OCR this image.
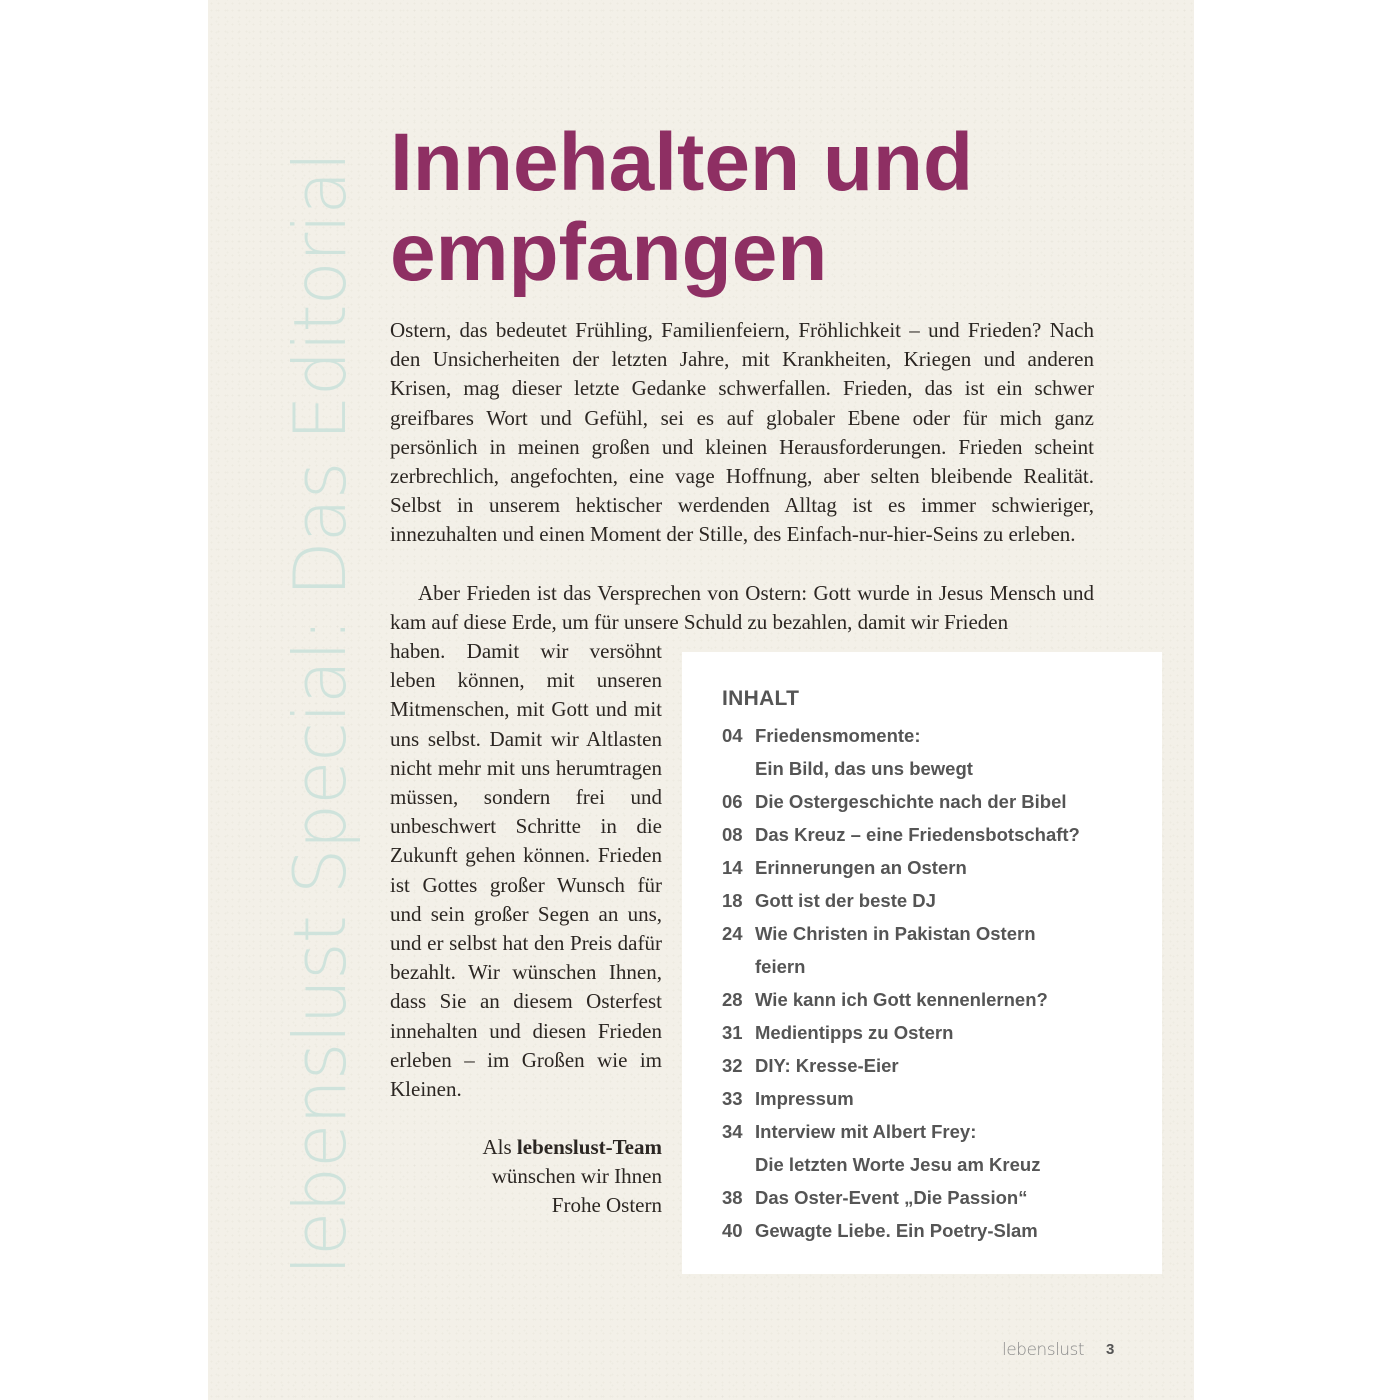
lebenslust Special: Das Editorial Innehalten und empfangen

Ostern, das bedeutet Frühling, Familienfeiern, Fröhlichkeit – und Frieden? Nach den Unsicherheiten der letzten Jahre, mit Krankheiten, Kriegen und anderen Krisen, mag dieser letzte Gedanke schwerfallen. Frieden, das ist ein schwer greifbares Wort und Gefühl, sei es auf globaler Ebene oder für mich ganz persönlich in meinen großen und kleinen Herausforderungen. Frieden scheint zerbrechlich, angefochten, eine vage Hoffnung, aber selten bleibende Realität. Selbst in unserem hektischer werdenden Alltag ist es immer schwieriger, innezuhalten und einen Moment der Stille, des Einfach-nur-hier-Seins zu erleben.

Aber Frieden ist das Versprechen von Ostern: Gott wurde in Jesus Mensch und kam auf diese Erde, um für unsere Schuld zu bezahlen, damit wir Frieden

haben. Damit wir versöhnt leben können, mit unseren Mitmenschen, mit Gott und mit uns selbst. Damit wir Altlasten nicht mehr mit uns herumtragen müssen, sondern frei und unbeschwert Schritte in die Zukunft gehen können. Frieden ist Gottes großer Wunsch für und sein großer Segen an uns, und er selbst hat den Preis dafür bezahlt. Wir wünschen Ihnen, dass Sie an diesem Osterfest innehalten und diesen Frieden erleben – im Großen wie im Kleinen.

Als lebenslust-Team
wünschen wir Ihnen
Frohe Ostern
INHALT
04 Friedensmomente:
Ein Bild, das uns bewegt
06 Die Ostergeschichte nach der Bibel
08 Das Kreuz – eine Friedensbotschaft?
14 Erinnerungen an Ostern
18 Gott ist der beste DJ
24 Wie Christen in Pakistan Ostern
feiern
28 Wie kann ich Gott kennenlernen?
31 Medientipps zu Ostern
32 DIY: Kresse-Eier
33 Impressum
34 Interview mit Albert Frey:
Die letzten Worte Jesu am Kreuz
38 Das Oster-Event „Die Passion“
40 Gewagte Liebe. Ein Poetry-Slam
lebenslust 3
